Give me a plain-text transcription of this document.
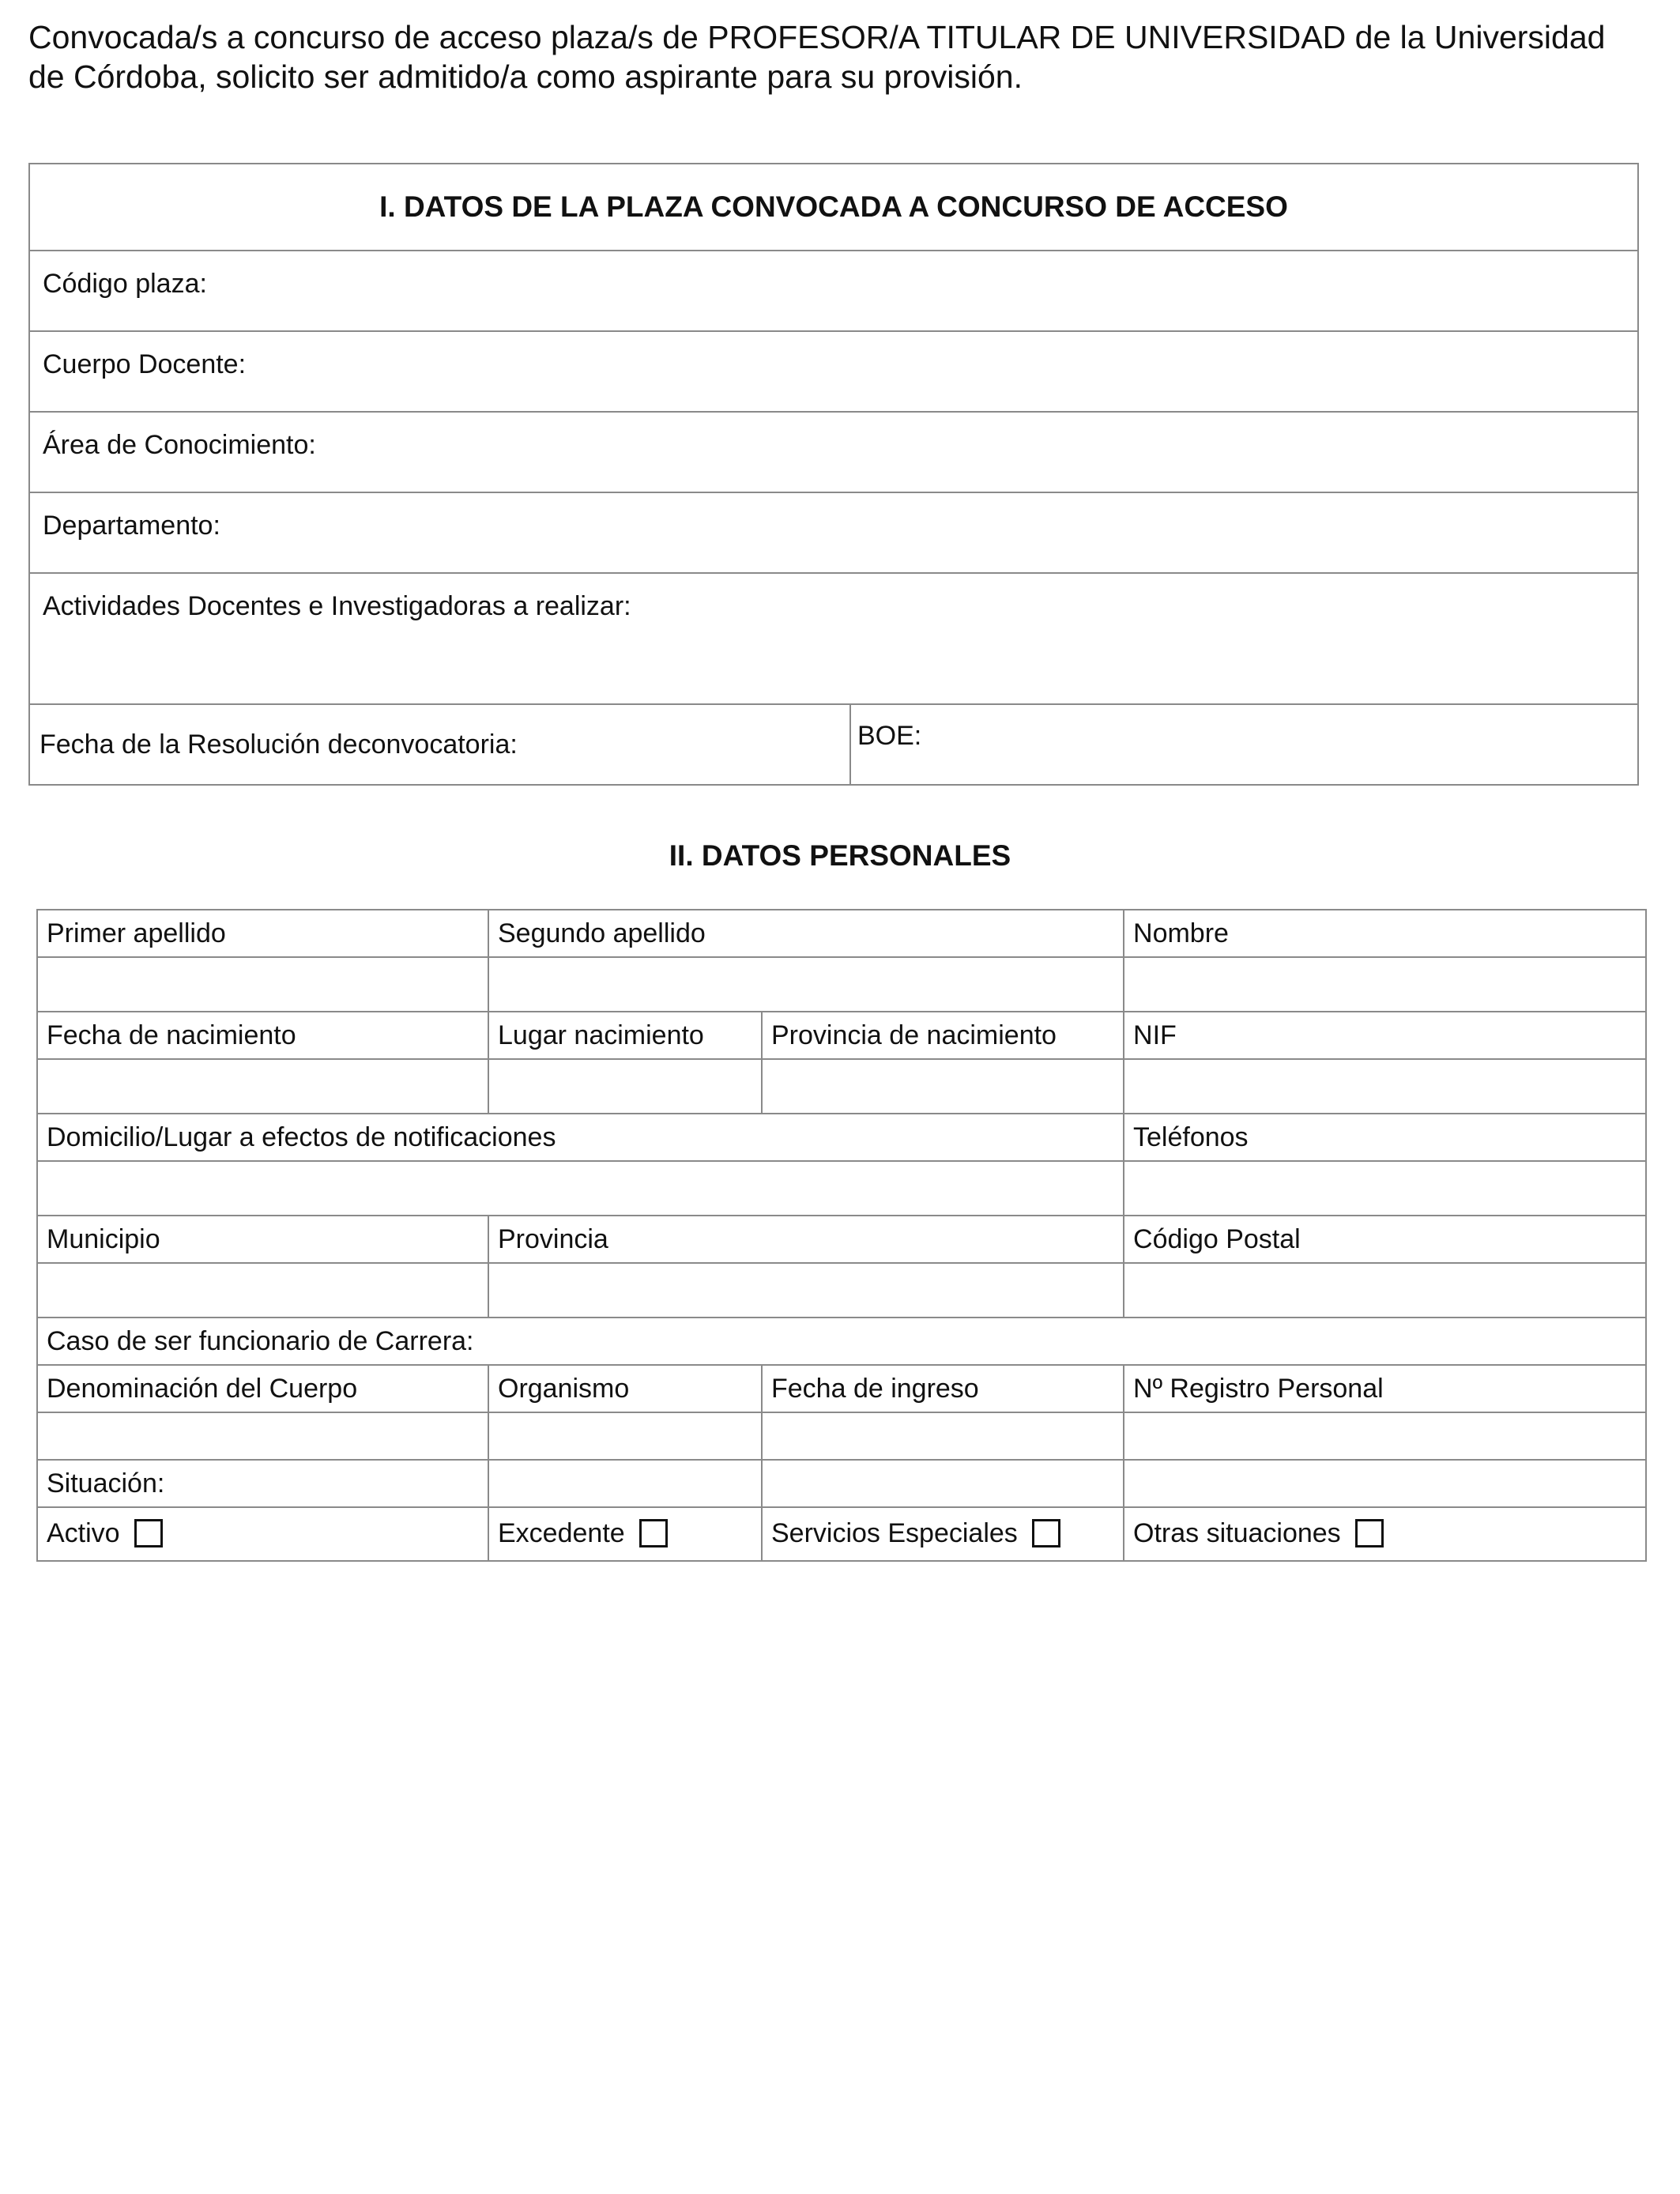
Convocada/s a concurso de acceso plaza/s de PROFESOR/A TITULAR DE UNIVERSIDAD de la Universidad de Córdoba, solicito ser admitido/a como aspirante para su provisión.

I. DATOS DE LA PLAZA CONVOCADA A CONCURSO DE ACCESO
Código plaza:
Cuerpo Docente:
Área de Conocimiento:
Departamento:
Actividades Docentes e Investigadoras a realizar:
Fecha de la Resolución deconvocatoria:	BOE:
II. DATOS PERSONALES
Primer apellido	Segundo apellido		Nombre

Fecha de nacimiento	Lugar nacimiento	Provincia de nacimiento	NIF

Domicilio/Lugar a efectos de notificaciones			Teléfonos

Municipio	Provincia		Código Postal

Caso de ser funcionario de Carrera:			
Denominación del Cuerpo	Organismo	Fecha de ingreso	Nº Registro Personal

Situación:			
Activo	Excedente	Servicios Especiales	Otras situaciones
